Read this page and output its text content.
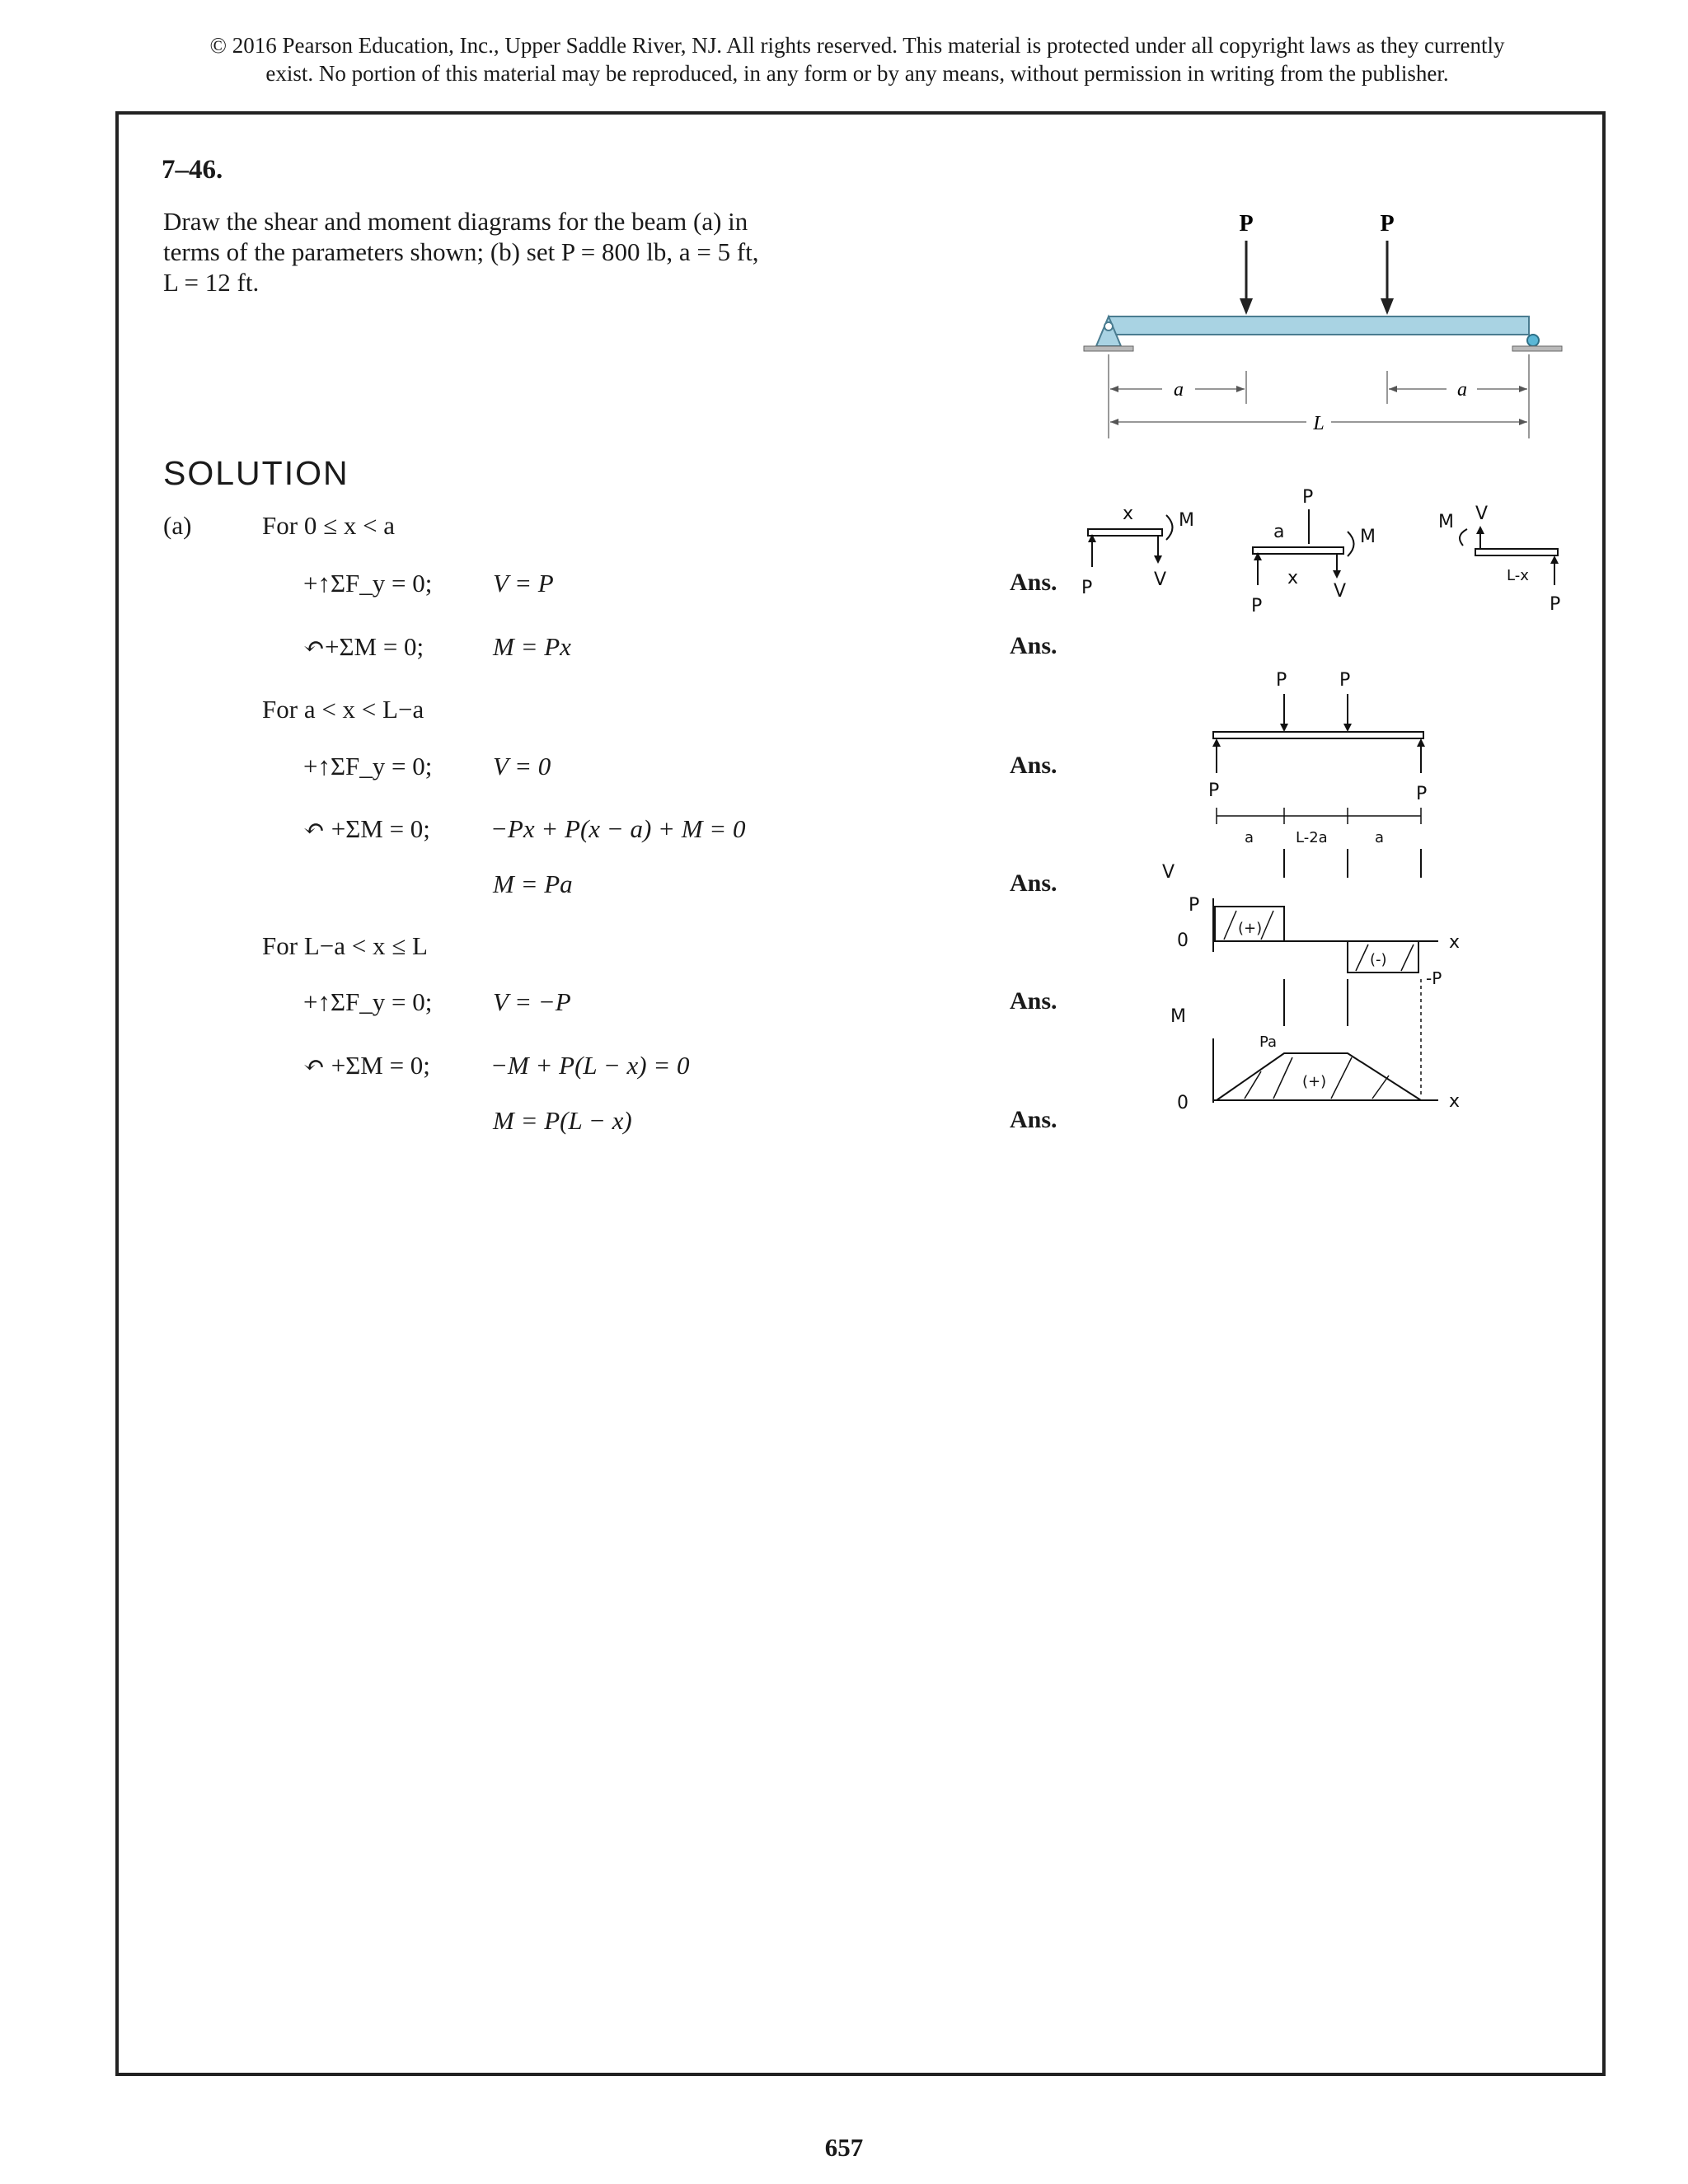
© 2016 Pearson Education, Inc., Upper Saddle River, NJ. All rights reserved. This material is protected under all copyright laws as they currently
exist. No portion of this material may be reproduced, in any form or by any means, without permission in writing from the publisher.
7–46.
Draw the shear and moment diagrams for the beam (a) in
terms of the parameters shown; (b) set P = 800 lb, a = 5 ft,
L = 12 ft.
P	P
a	a
L
SOLUTION
(a)	For 0 ≤ x < a
+↑ΣF_y = 0; V = P	Ans.
↶+ΣM = 0;	M = Px	Ans.
For a < x < L−a
+↑ΣF_y = 0; V = 0	Ans.
↶ +ΣM = 0; −Px + P(x − a) + M = 0
M = Pa	Ans.
For L−a < x ≤ L
+↑ΣF_y = 0; V = −P	Ans.
↶ +ΣM = 0; −M + P(L − x) = 0
M = P(L − x)	Ans.
x
P	V
M
P
a
P
x
V
M
M V
L-x
P
P	P
P	P
a	L-2a	a
V
P
0	x
(+)
(-)
-P
M
Pa
0	x
(+)
657
